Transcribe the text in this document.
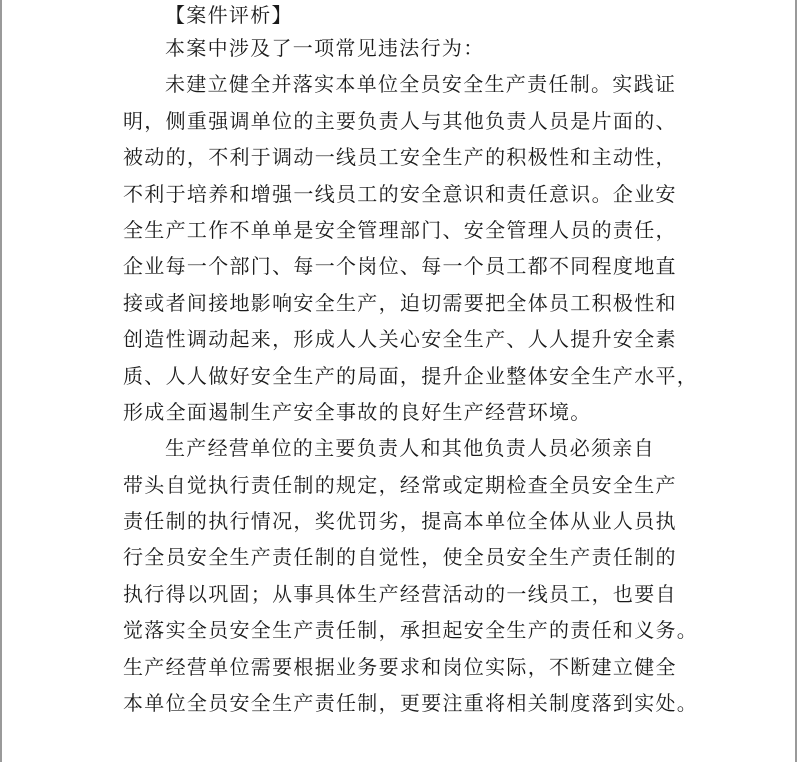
【案件评析】
本案中涉及了一项常见违法行为：
未建立健全并落实本单位全员安全生产责任制。实践证
明，侧重强调单位的主要负责人与其他负责人员是片面的、
被动的，不利于调动一线员工安全生产的积极性和主动性，
不利于培养和增强一线员工的安全意识和责任意识。企业安
全生产工作不单单是安全管理部门、安全管理人员的责任，
企业每一个部门、每一个岗位、每一个员工都不同程度地直
接或者间接地影响安全生产，迫切需要把全体员工积极性和
创造性调动起来，形成人人关心安全生产、人人提升安全素
质、人人做好安全生产的局面，提升企业整体安全生产水平，
形成全面遏制生产安全事故的良好生产经营环境。
生产经营单位的主要负责人和其他负责人员必须亲自
带头自觉执行责任制的规定，经常或定期检查全员安全生产
责任制的执行情况，奖优罚劣，提高本单位全体从业人员执
行全员安全生产责任制的自觉性，使全员安全生产责任制的
执行得以巩固；从事具体生产经营活动的一线员工，也要自
觉落实全员安全生产责任制，承担起安全生产的责任和义务。
生产经营单位需要根据业务要求和岗位实际，不断建立健全
本单位全员安全生产责任制，更要注重将相关制度落到实处。
